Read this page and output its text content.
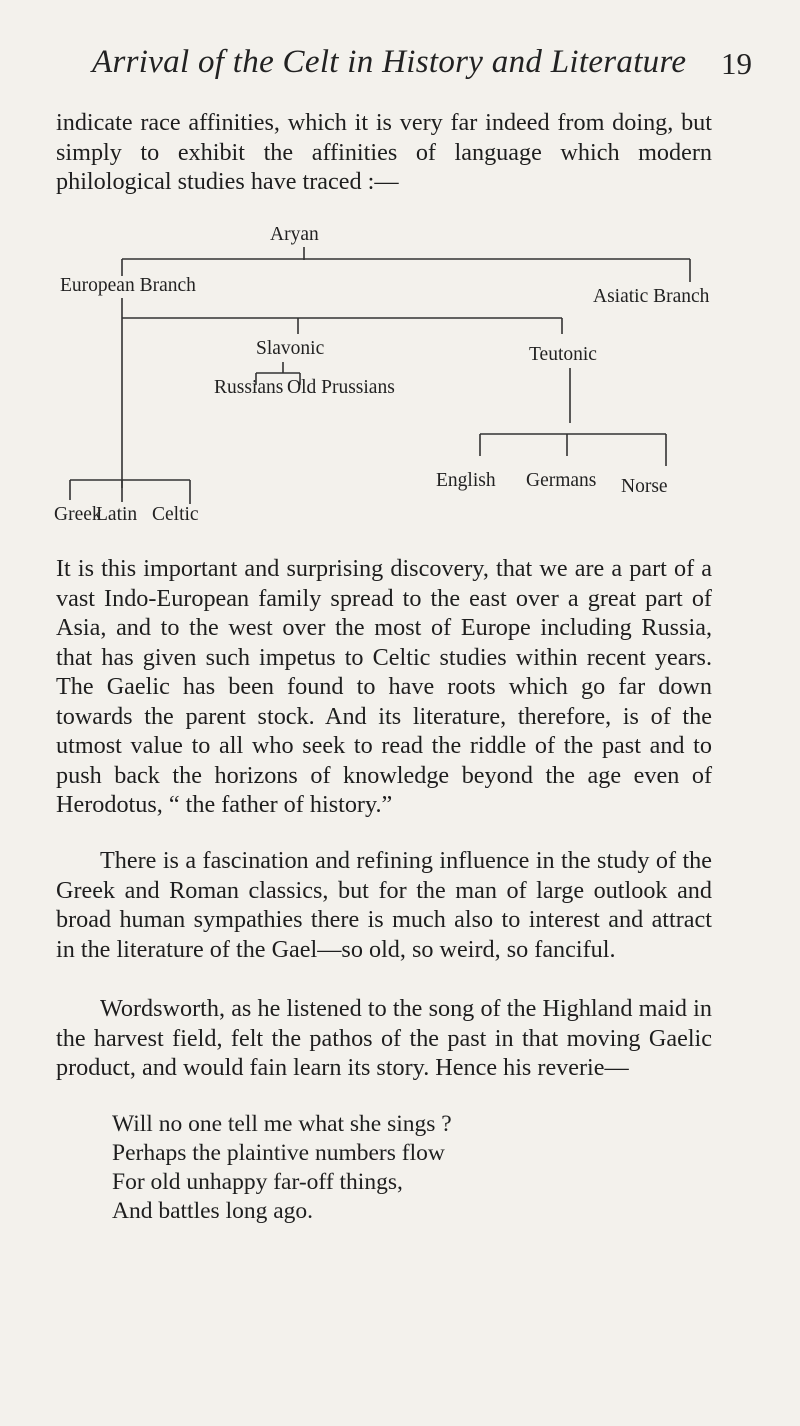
Arrival of the Celt in History and Literature 19
indicate race affinities, which it is very far indeed from doing, but simply to exhibit the affinities of language which modern philological studies have traced :—
Aryan
European Branch
Asiatic Branch
Slavonic
Russians Old Prussians
Teutonic
English Germans Norse
Greek
Latin Celtic
It is this important and surprising discovery, that we are a part of a vast Indo-European family spread to the east over a great part of Asia, and to the west over the most of Europe including Russia, that has given such impetus to Celtic studies within recent years. The Gaelic has been found to have roots which go far down towards the parent stock. And its literature, therefore, is of the utmost value to all who seek to read the riddle of the past and to push back the horizons of knowledge beyond the age even of Herodotus, “ the father of history.”
There is a fascination and refining influence in the study of the Greek and Roman classics, but for the man of large outlook and broad human sympathies there is much also to interest and attract in the literature of the Gael—so old, so weird, so fanciful.
Wordsworth, as he listened to the song of the Highland maid in the harvest field, felt the pathos of the past in that moving Gaelic product, and would fain learn its story. Hence his reverie—
Will no one tell me what she sings ?
Perhaps the plaintive numbers flow
For old unhappy far-off things,
And battles long ago.
